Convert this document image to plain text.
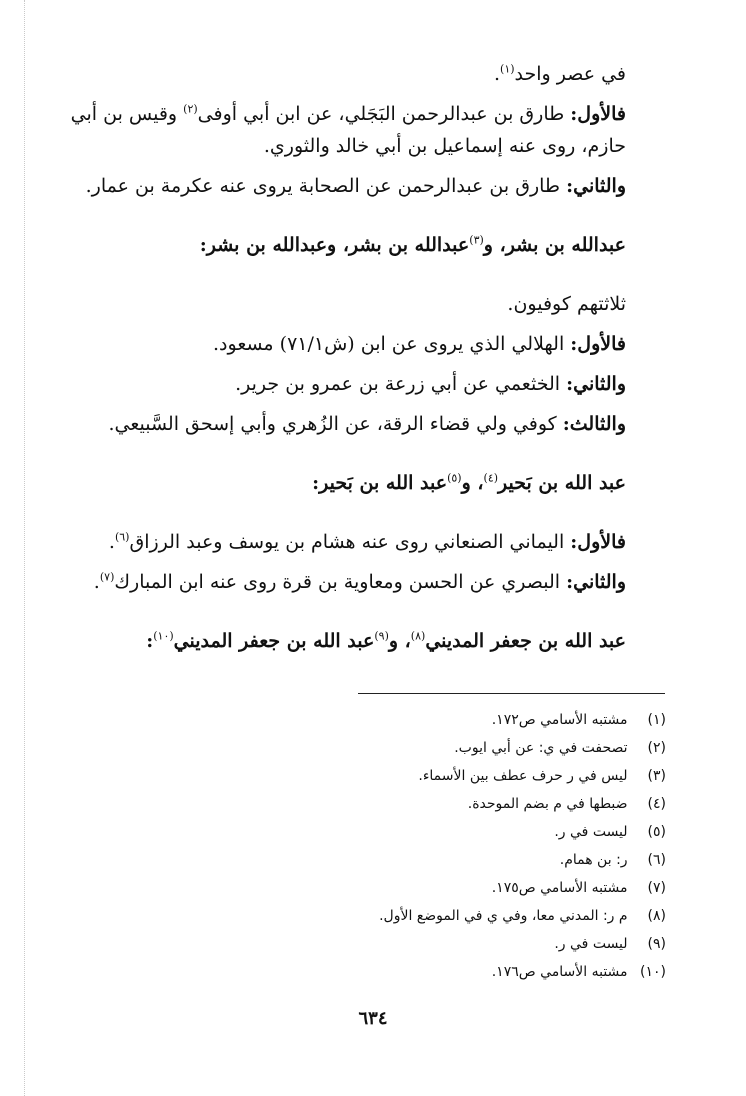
في عصر واحد$^{(١)}$.

فالأول: طارق بن عبدالرحمن البَجَلي، عن ابن أبي أوفى$^{(٢)}$ وقيس بن أبي حازم، روى عنه إسماعيل بن أبي خالد والثوري.

والثاني: طارق بن عبدالرحمن عن الصحابة يروى عنه عكرمة بن عمار.

عبدالله بن بشر، و$^{(٣)}$عبدالله بن بشر، وعبدالله بن بشر:

ثلاثتهم كوفيون.

فالأول: الهلالي الذي يروى عن ابن (ش٧١/١) مسعود.

والثاني: الخثعمي عن أبي زرعة بن عمرو بن جرير.

والثالث: كوفي ولي قضاء الرقة، عن الزُهري وأبي إسحق السَّبيعي.

عبد الله بن بَحير$^{(٤)}$، و$^{(٥)}$عبد الله بن بَحير:

فالأول: اليماني الصنعاني روى عنه هشام بن يوسف وعبد الرزاق$^{(٦)}$.

والثاني: البصري عن الحسن ومعاوية بن قرة روى عنه ابن المبارك$^{(٧)}$.

عبد الله بن جعفر المديني$^{(٨)}$، و$^{(٩)}$عبد الله بن جعفر المديني$^{(١٠)}$:

(١) مشتبه الأسامي ص١٧٢.
(٢) تصحفت في ي: عن أبي ايوب.
(٣) ليس في ر حرف عطف بين الأسماء.
(٤) ضبطها في م بضم الموحدة.
(٥) ليست في ر.
(٦) ر: بن همام.
(٧) مشتبه الأسامي ص١٧٥.
(٨) م ر: المدني معا، وفي ي في الموضع الأول.
(٩) ليست في ر.
(١٠) مشتبه الأسامي ص١٧٦.
٦٣٤
